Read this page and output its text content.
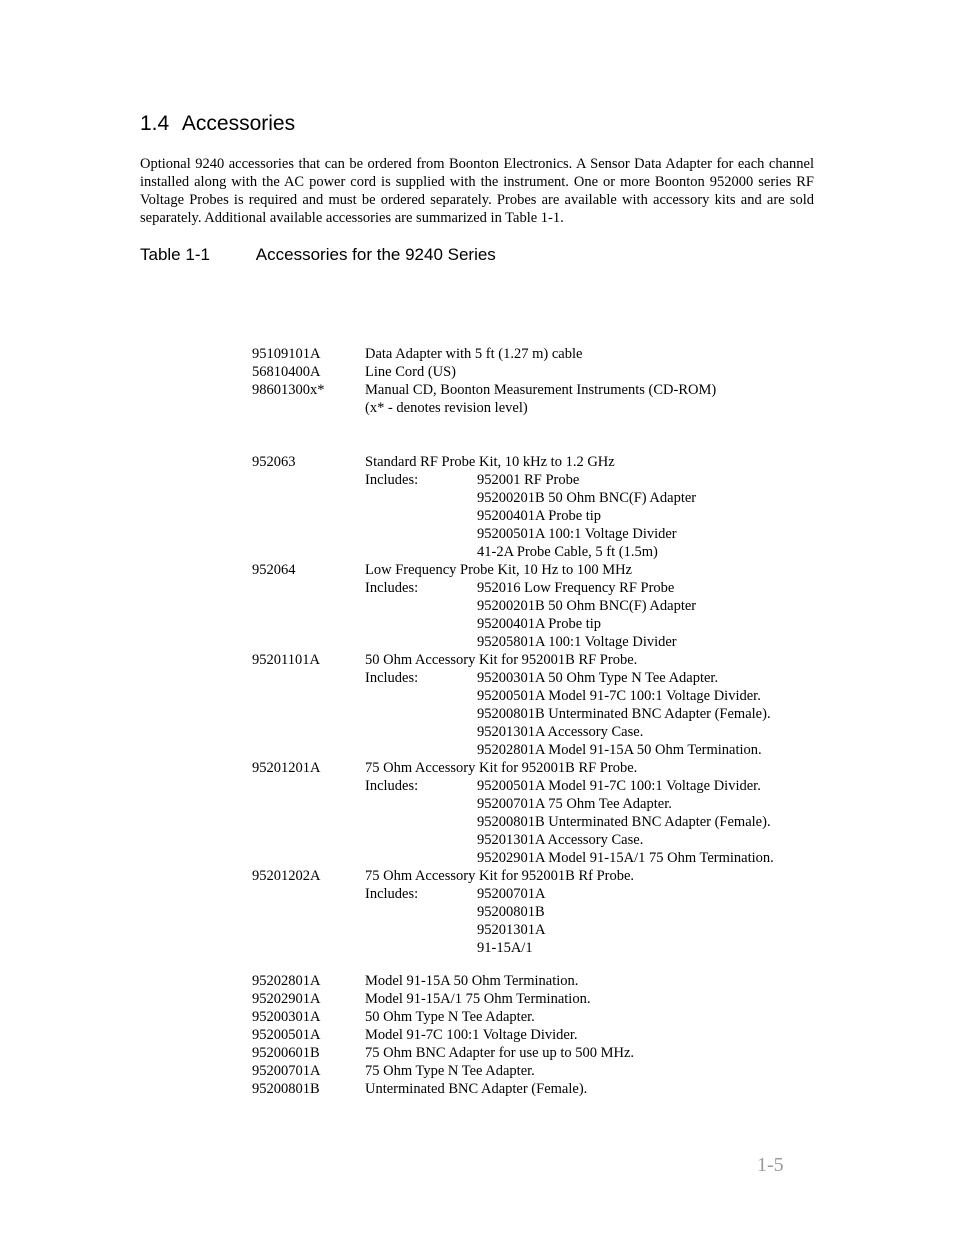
1.4 Accessories

Optional 9240 accessories that can be ordered from Boonton Electronics. A Sensor Data Adapter for each channel installed along with the AC power cord is supplied with the instrument. One or more Boonton 952000 series RF Voltage Probes is required and must be ordered separately. Probes are available with accessory kits and are sold separately. Additional available accessories are summarized in Table 1-1.

Table 1-1	Accessories for the 9240 Series
95109101A	Data Adapter with 5 ft (1.27 m) cable
56810400A	Line Cord (US)
98601300x*	Manual CD, Boonton Measurement Instruments (CD-ROM)
(x* - denotes revision level)
952063	Standard RF Probe Kit, 10 kHz to 1.2 GHz
Includes:	952001 RF Probe
95200201B 50 Ohm BNC(F) Adapter
95200401A Probe tip
95200501A 100:1 Voltage Divider
41-2A Probe Cable, 5 ft (1.5m)
952064	Low Frequency Probe Kit, 10 Hz to 100 MHz
Includes:	952016 Low Frequency RF Probe
95200201B 50 Ohm BNC(F) Adapter
95200401A Probe tip
95205801A 100:1 Voltage Divider
95201101A	50 Ohm Accessory Kit for 952001B RF Probe.
Includes:	95200301A 50 Ohm Type N Tee Adapter.
95200501A Model 91-7C 100:1 Voltage Divider.
95200801B Unterminated BNC Adapter (Female).
95201301A Accessory Case.
95202801A Model 91-15A 50 Ohm Termination.
95201201A	75 Ohm Accessory Kit for 952001B RF Probe.
Includes:	95200501A Model 91-7C 100:1 Voltage Divider.
95200701A 75 Ohm Tee Adapter.
95200801B Unterminated BNC Adapter (Female).
95201301A Accessory Case.
95202901A Model 91-15A/1 75 Ohm Termination.
95201202A	75 Ohm Accessory Kit for 952001B Rf Probe.
Includes:	95200701A
95200801B
95201301A
91-15A/1
95202801A	Model 91-15A 50 Ohm Termination.
95202901A	Model 91-15A/1 75 Ohm Termination.
95200301A	50 Ohm Type N Tee Adapter.
95200501A	Model 91-7C 100:1 Voltage Divider.
95200601B	75 Ohm BNC Adapter for use up to 500 MHz.
95200701A	75 Ohm Type N Tee Adapter.
95200801B	Unterminated BNC Adapter (Female).
1-5
